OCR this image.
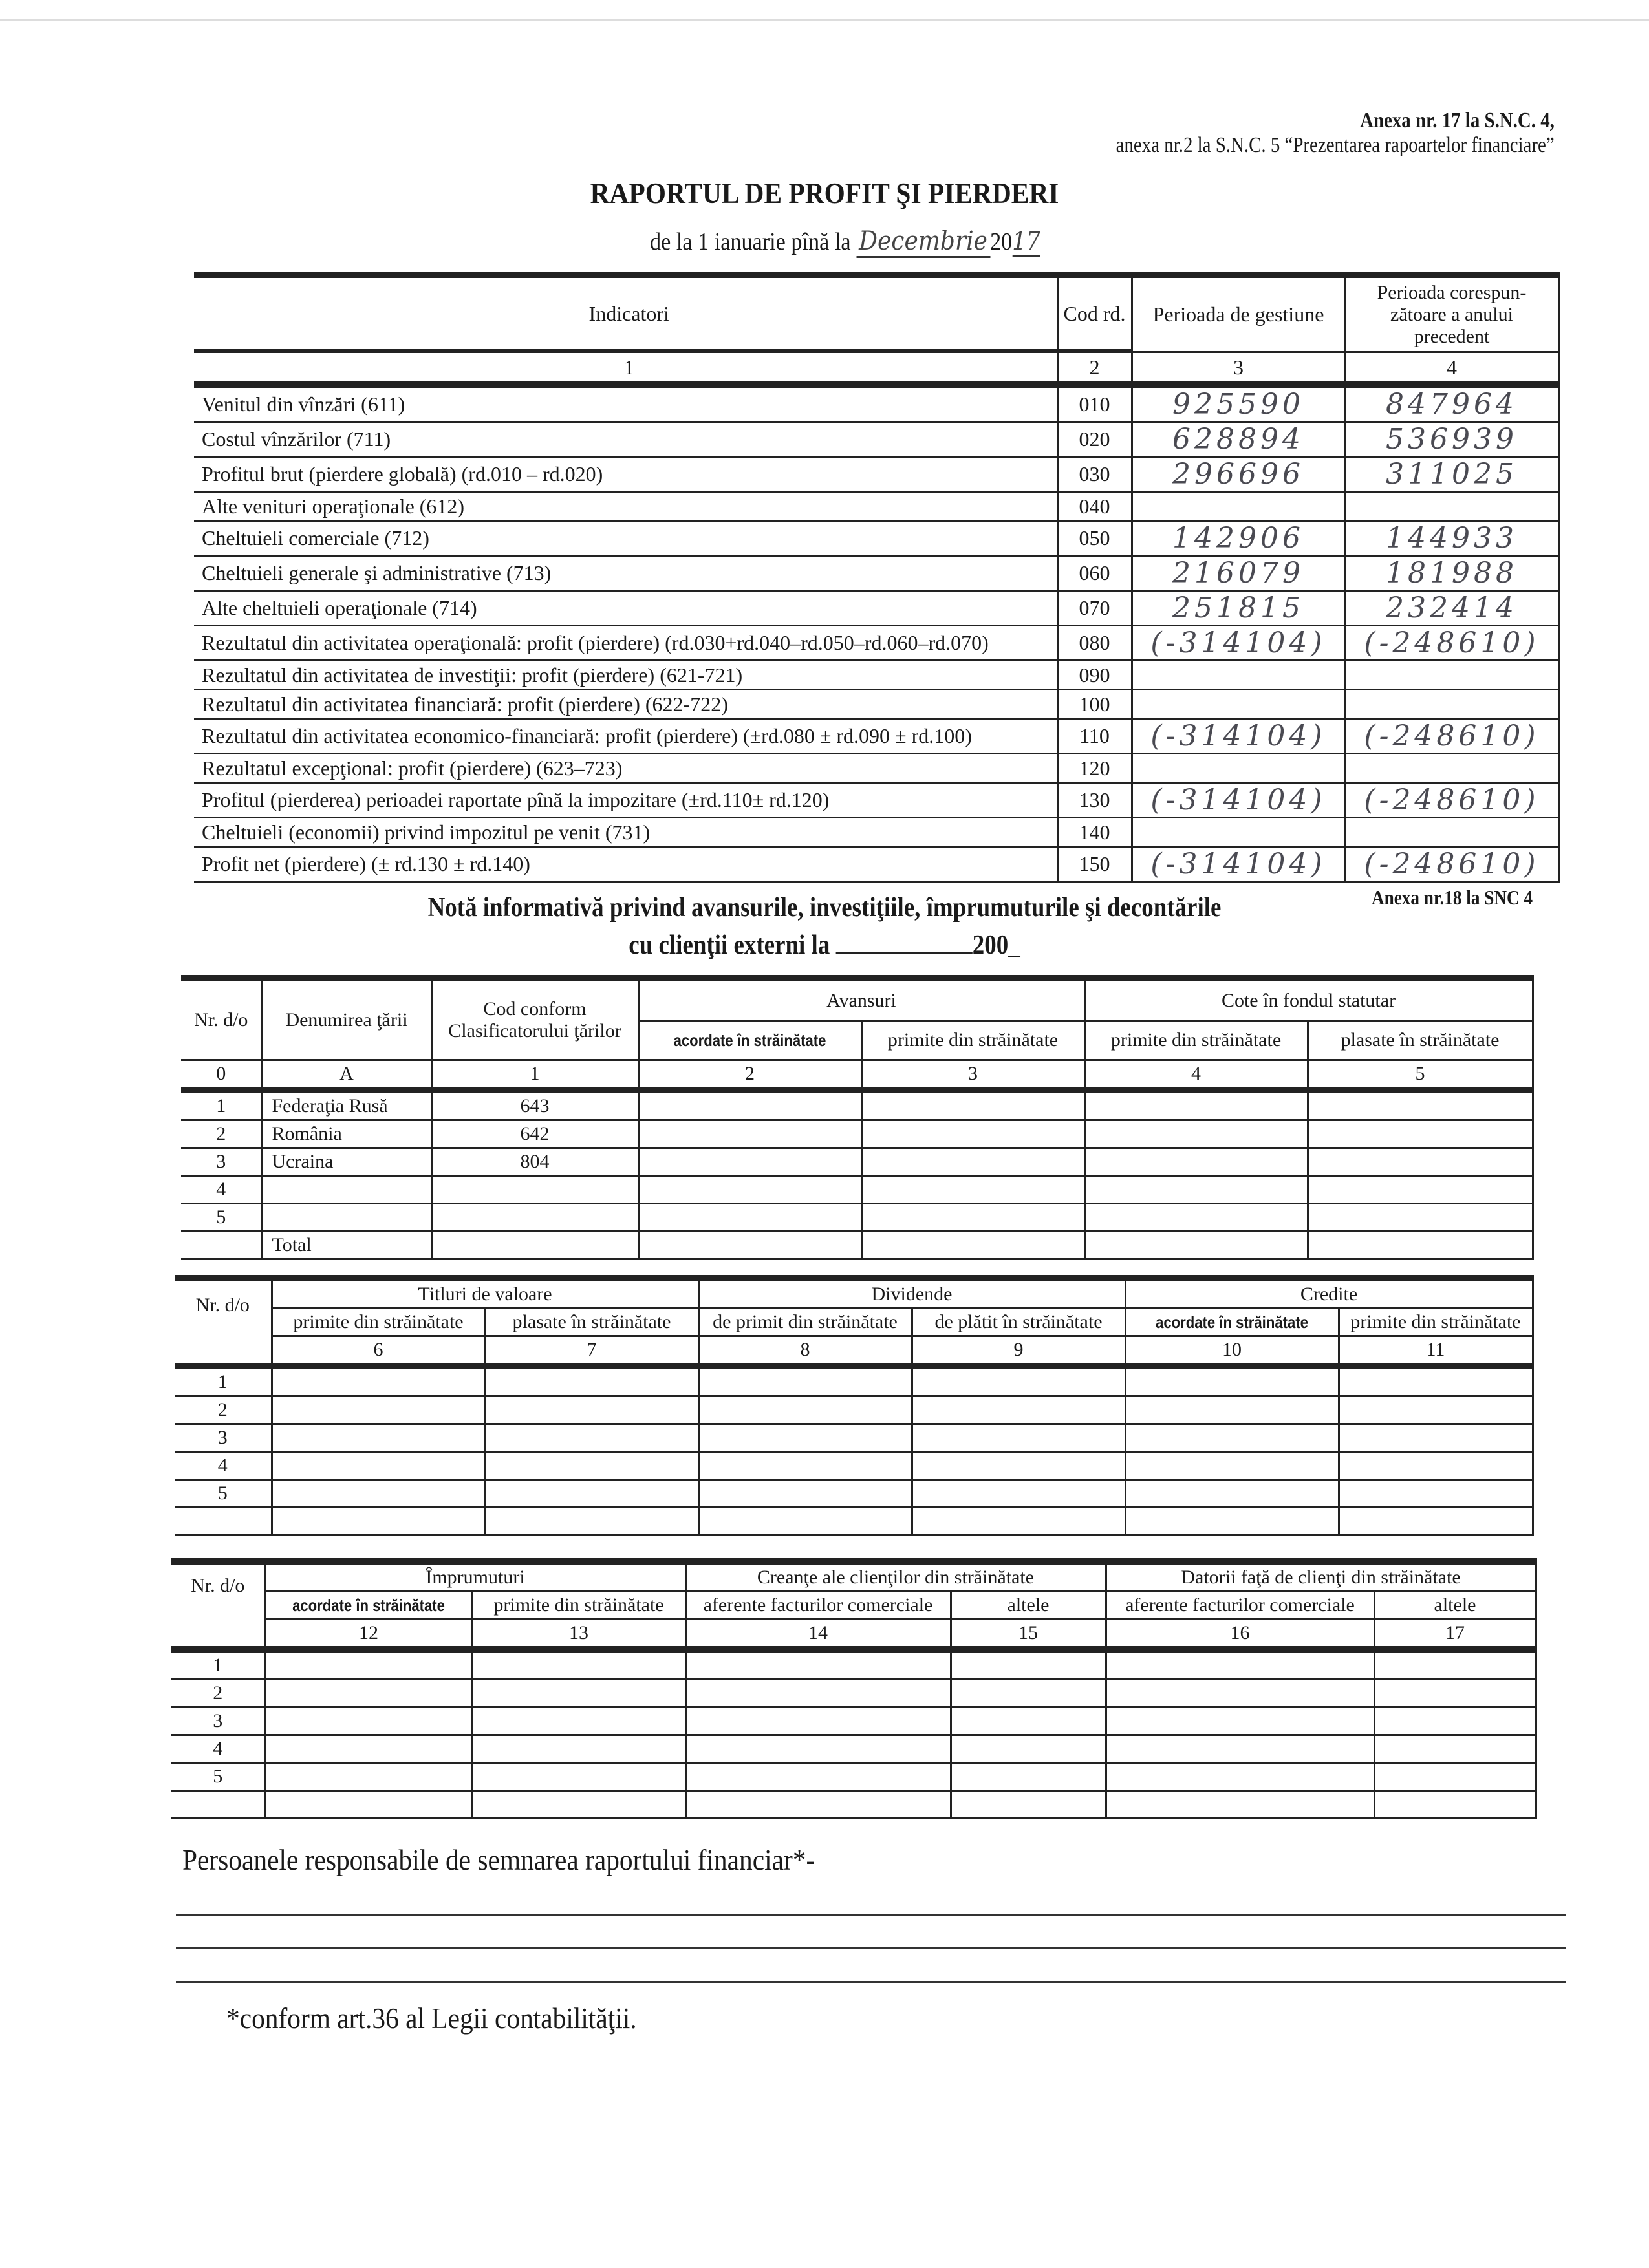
Anexa nr. 17 la S.N.C. 4,
anexa nr.2 la S.N.C. 5 “Prezentarea rapoartelor financiare”
RAPORTUL DE PROFIT ŞI PIERDERI
de la 1 ianuarie pînă la Decembrie 2017
Indicatori	Cod rd.	Perioada de gestiune	Perioada corespun-zătoare a anului precedent

1	2	3	4
Venitul din vînzări (611)	010	925590	847964
Costul vînzărilor (711)	020	628894	536939
Profitul brut (pierdere globală) (rd.010 – rd.020)	030	296696	311025
Alte venituri operaţionale (612)	040		
Cheltuieli comerciale (712)	050	142906	144933
Cheltuieli generale şi administrative (713)	060	216079	181988
Alte cheltuieli operaţionale (714)	070	251815	232414
Rezultatul din activitatea operaţională: profit (pierdere) (rd.030+rd.040–rd.050–rd.060–rd.070)	080	(-314104)	(-248610)
Rezultatul din activitatea de investiţii: profit (pierdere) (621-721)	090		
Rezultatul din activitatea financiară: profit (pierdere) (622-722)	100		
Rezultatul din activitatea economico-financiară: profit (pierdere) (±rd.080 ± rd.090 ± rd.100)	110	(-314104)	(-248610)
Rezultatul excepţional: profit (pierdere) (623–723)	120		
Profitul (pierderea) perioadei raportate pînă la impozitare (±rd.110± rd.120)	130	(-314104)	(-248610)
Cheltuieli (economii) privind impozitul pe venit (731)	140		
Profit net (pierdere) (± rd.130 ± rd.140)	150	(-314104)	(-248610)
Anexa nr.18 la SNC 4
Notă informativă privind avansurile, investiţiile, împrumuturile şi decontările
cu clienţii externi la	200_
Nr. d/o	Denumirea ţării	Cod conform Clasificatorului ţărilor	Avansuri		Cote în fondul statutar	
			acordate în străinătate	primite din străinătate	primite din străinătate	plasate în străinătate
0	A	1	2	3	4	5
1	Federaţia Rusă	643				
2	România	642				
3	Ucraina	804				
4						
5						
	Total					
Nr. d/o	Titluri de valoare		Dividende		Credite	
	primite din străinătate	plasate în străinătate	de primit din străinătate	de plătit în străinătate	acordate în străinătate	primite din străinătate
	6	7	8	9	10	11
1						
2						
3						
4						
5						

Nr. d/o	Împrumuturi		Creanţe ale clienţilor din străinătate		Datorii faţă de clienţi din străinătate	
	acordate în străinătate	primite din străinătate	aferente facturilor comerciale	altele	aferente facturilor comerciale	altele
	12	13	14	15	16	17
1						
2						
3						
4						
5						

Persoanele responsabile de semnarea raportului financiar*-
*conform art.36 al Legii contabilităţii.
